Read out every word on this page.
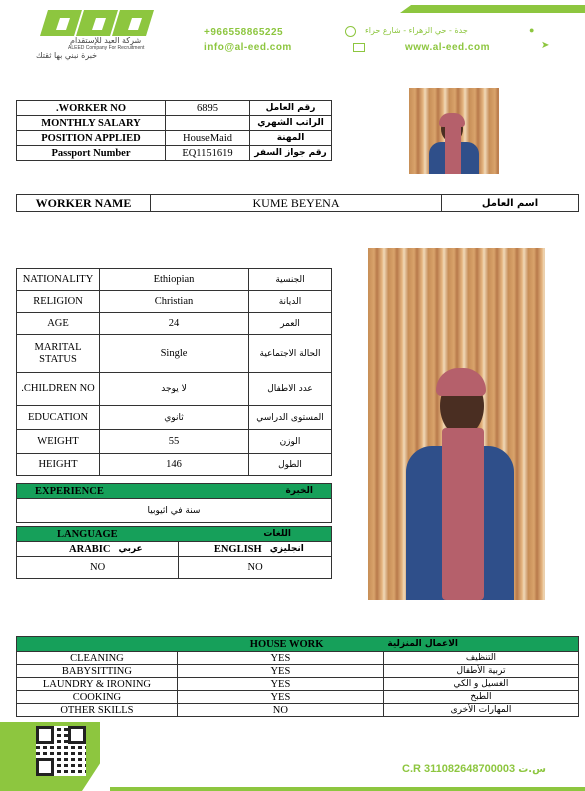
شركة العيد للإستقدام
ALEED Company For Recruitment
خبرة نبني بها ثقتك
+966558865225	جدة - حي الزهراء - شارع حراء	●
info@al-eed.com	www.al-eed.com	➤
.WORKER NO	6895	رقم العامل
MONTHLY SALARY		الراتب الشهري
POSITION APPLIED	HouseMaid	المهنة
Passport Number	EQ1151619	رقم جواز السفر
WORKER NAME	KUME BEYENA	اسم العامل
NATIONALITY	Ethiopian	الجنسية
RELIGION	Christian	الديانة
AGE	24	العمر
MARITAL STATUS	Single	الحالة الاجتماعية
.CHILDREN NO	لا يوجد	عدد الاطفال
EDUCATION	ثانوي	المستوى الدراسي
WEIGHT	55	الوزن
HEIGHT	146	الطول
EXPERIENCE	الخبرة
سنة في اثيوبيا
LANGUAGE		اللغات	
ARABIC	عربي	ENGLISH	انجليزي
NO		NO	
HOUSE WORK		الاعمال المنزلية
CLEANING	YES	التنظيف
BABYSITTING	YES	تربية الأطفال
LAUNDRY & IRONING	YES	الغسيل و الكي
COOKING	YES	الطبخ
OTHER SKILLS	NO	المهارات الأخرى
C.R 311082648700003 س.ت
